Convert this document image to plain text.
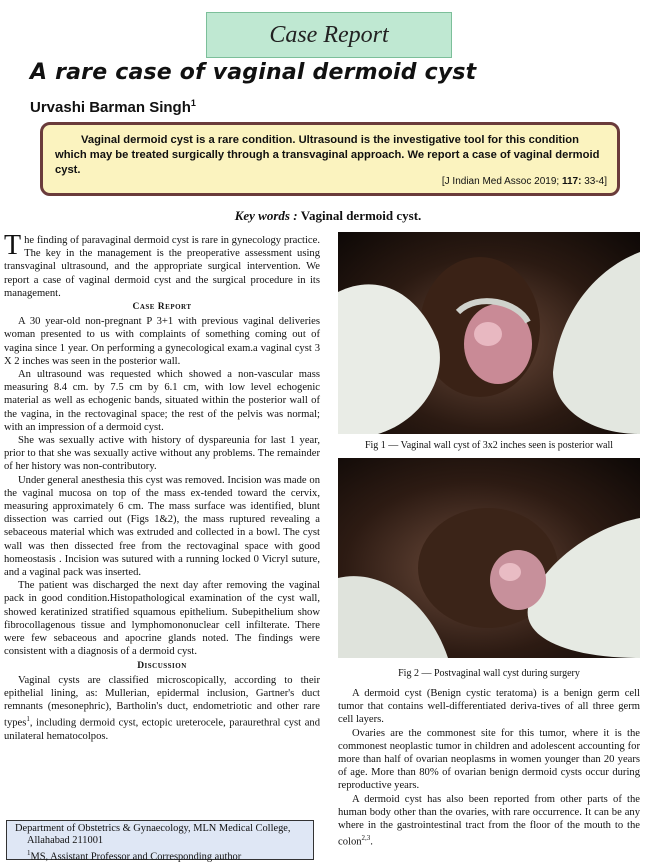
Case Report
A rare case of vaginal dermoid cyst
Urvashi Barman Singh$^1$
Vaginal dermoid cyst is a rare condition. Ultrasound is the investigative tool for this condition which may be treated surgically through a transvaginal approach. We report a case of vaginal dermoid cyst.
[J Indian Med Assoc 2019; 117: 33-4]
Key words : Vaginal dermoid cyst.

The finding of paravaginal dermoid cyst is rare in gynecology practice. The key in the management is the preoperative assessment using transvaginal ultrasound, and the appropriate surgical intervention. We report a case of vaginal dermoid cyst and the surgical procedure in its management.

Case Report

A 30 year-old non-pregnant P 3+1 with previous vaginal deliveries woman presented to us with complaints of something coming out of vagina since 1 year. On performing a gynecological exam.a vaginal cyst 3 X 2 inches was seen in the posterior wall.

An ultrasound was requested which showed a non-vascular mass measuring 8.4 cm. by 7.5 cm by 6.1 cm, with low level echogenic material as well as echogenic bands, situated within the posterior wall of the vagina, in the rectovaginal space; the rest of the pelvis was normal; with an impression of a dermoid cyst.

She was sexually active with history of dyspareunia for last 1 year, prior to that she was sexually active without any problems. The remainder of her history was non-contributory.

Under general anesthesia this cyst was removed. Incision was made on the vaginal mucosa on top of the mass ex-tended toward the cervix, measuring approximately 6 cm. The mass surface was identified, blunt dissection was carried out (Figs 1&2), the mass ruptured revealing a sebaceous material which was extruded and collected in a bowl. The cyst wall was then dissected free from the rectovaginal space with good homeostasis . Incision was sutured with a running locked 0 Vicryl suture, and a vaginal pack was inserted.

The patient was discharged the next day after removing the vaginal pack in good condition.Histopathological examination of the cyst wall, showed keratinized stratified squamous epithelium. Subepithelium show fibrocollagenous tissue and lymphomononuclear cell infilterate. There were few sebaceous and apocrine glands noted. The findings were consistent with a diagnosis of a dermoid cyst.

Discussion

Vaginal cysts are classified microscopically, according to their epithelial lining, as: Mullerian, epidermal inclusion, Gartner's duct remnants (mesonephric), Bartholin's duct, endometriotic and other rare types$^1$, including dermoid cyst, ectopic ureterocele, paraurethral cyst and unilateral hematocolpos.

Fig 1 — Vaginal wall cyst of 3x2 inches seen is posterior wall
Fig 2 — Postvaginal wall cyst during surgery

A dermoid cyst (Benign cystic teratoma) is a benign germ cell tumor that contains well-differentiated deriva-tives of all three germ cell layers.

Ovaries are the commonest site for this tumor, where it is the commonest neoplastic tumor in children and adolescent accounting for more than half of ovarian neoplasms in women younger than 20 years of age. More than 80% of ovarian benign dermoid cysts occur during reproductive years.

A dermoid cyst has also been reported from other parts of the human body other than the ovaries, with rare occurrence. It can be any where in the gastrointestinal tract from the floor of the mouth to the colon$^{2,3}$.

Department of Obstetrics & Gynaecology, MLN Medical College,
Allahabad 211001
$^1$MS, Assistant Professor and Corresponding author
